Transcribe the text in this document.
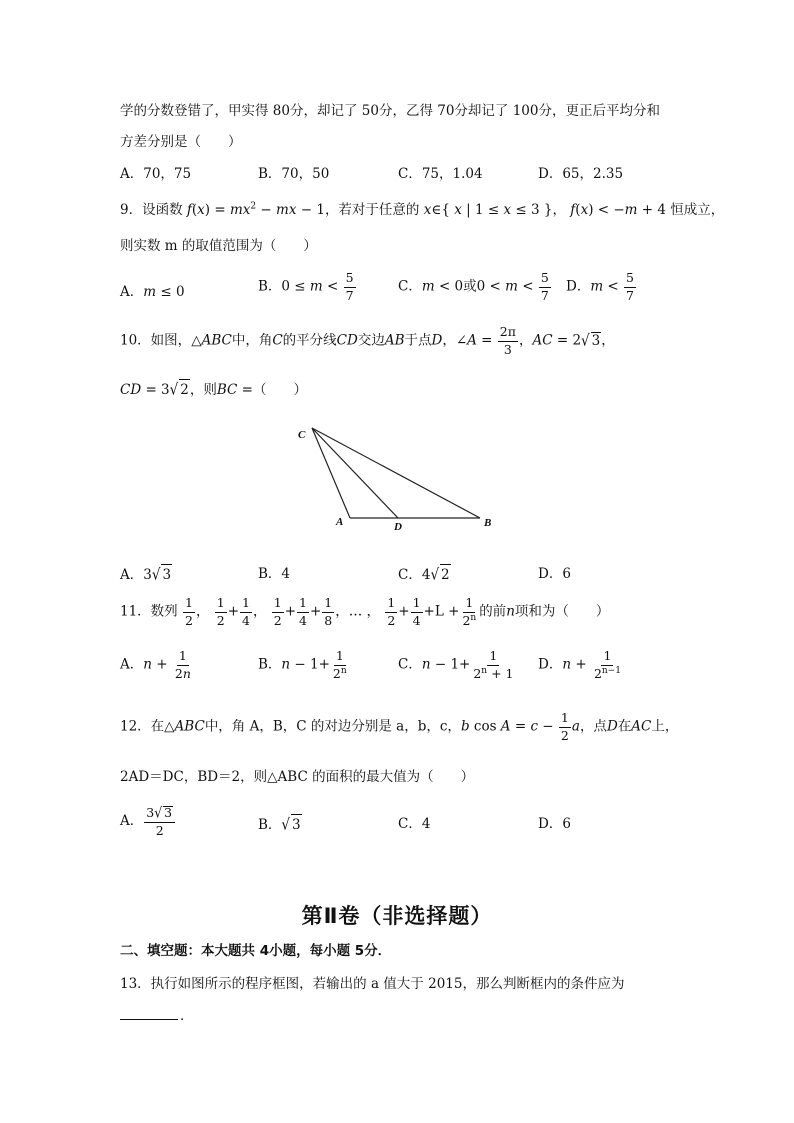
学的分数登错了，甲实得 80分，却记了 50分，乙得 70分却记了 100分，更正后平均分和
方差分别是（　　）
A．70，75	B．70，50	C．75，1.04	D．65，2.35
9．设函数 $f(x) = mx^2$ − mx − 1，若对于任意的 x∈{ x | 1 ≤ x ≤ 3 }， f(x) < −m + 4 恒成立，
则实数 m 的取值范围为（　　）
A．m ≤ 0	B．$0 \le m < \frac{5}{7}$	C．m < 0或$0 < m < \frac{5}{7}$ D．$m < \frac{5}{7}$
10．如图，△ABC中，角C的平分线CD交边AB于点D，∠A = $\frac{2\pi}{3}$ ，AC = 2√ 3，
CD = 3√ 2，则BC =（　　）
C
A	D	B
A．3√ 3	B．4	C．4√ 2	D．6
11．数列 $\frac{1}{2}$ ， $\frac{1}{2} + \frac{1}{4}$ ， $\frac{1}{2} + \frac{1}{4} + \frac{1}{8}$ ，… ， $\frac{1}{2} + \frac{1}{4} +L + \frac{1}{2^n}$ 的前n项和为（　　）
A．$n + \frac{1}{2n}$	B．$n - 1+ \frac{1}{2^n}$	C．$n - 1+ \frac{1}{2^n + 1}$ D．$n + \frac{1}{2^{n-1}}$
12．在△ABC中，角 A，B，C 的对边分别是 a，b，c，b $\cos A = c - \frac{1}{2}$ a，点D在AC上，
2AD＝DC，BD＝2，则△ABC 的面积的最大值为（　　）
A． $\frac{3√ 3}{2}$	B．√ 3	C．4	D．6
第Ⅱ卷（非选择题）
二、填空题：本大题共 4小题，每小题 5分．
13．执行如图所示的程序框图，若输出的 a 值大于 2015，那么判断框内的条件应为
．
